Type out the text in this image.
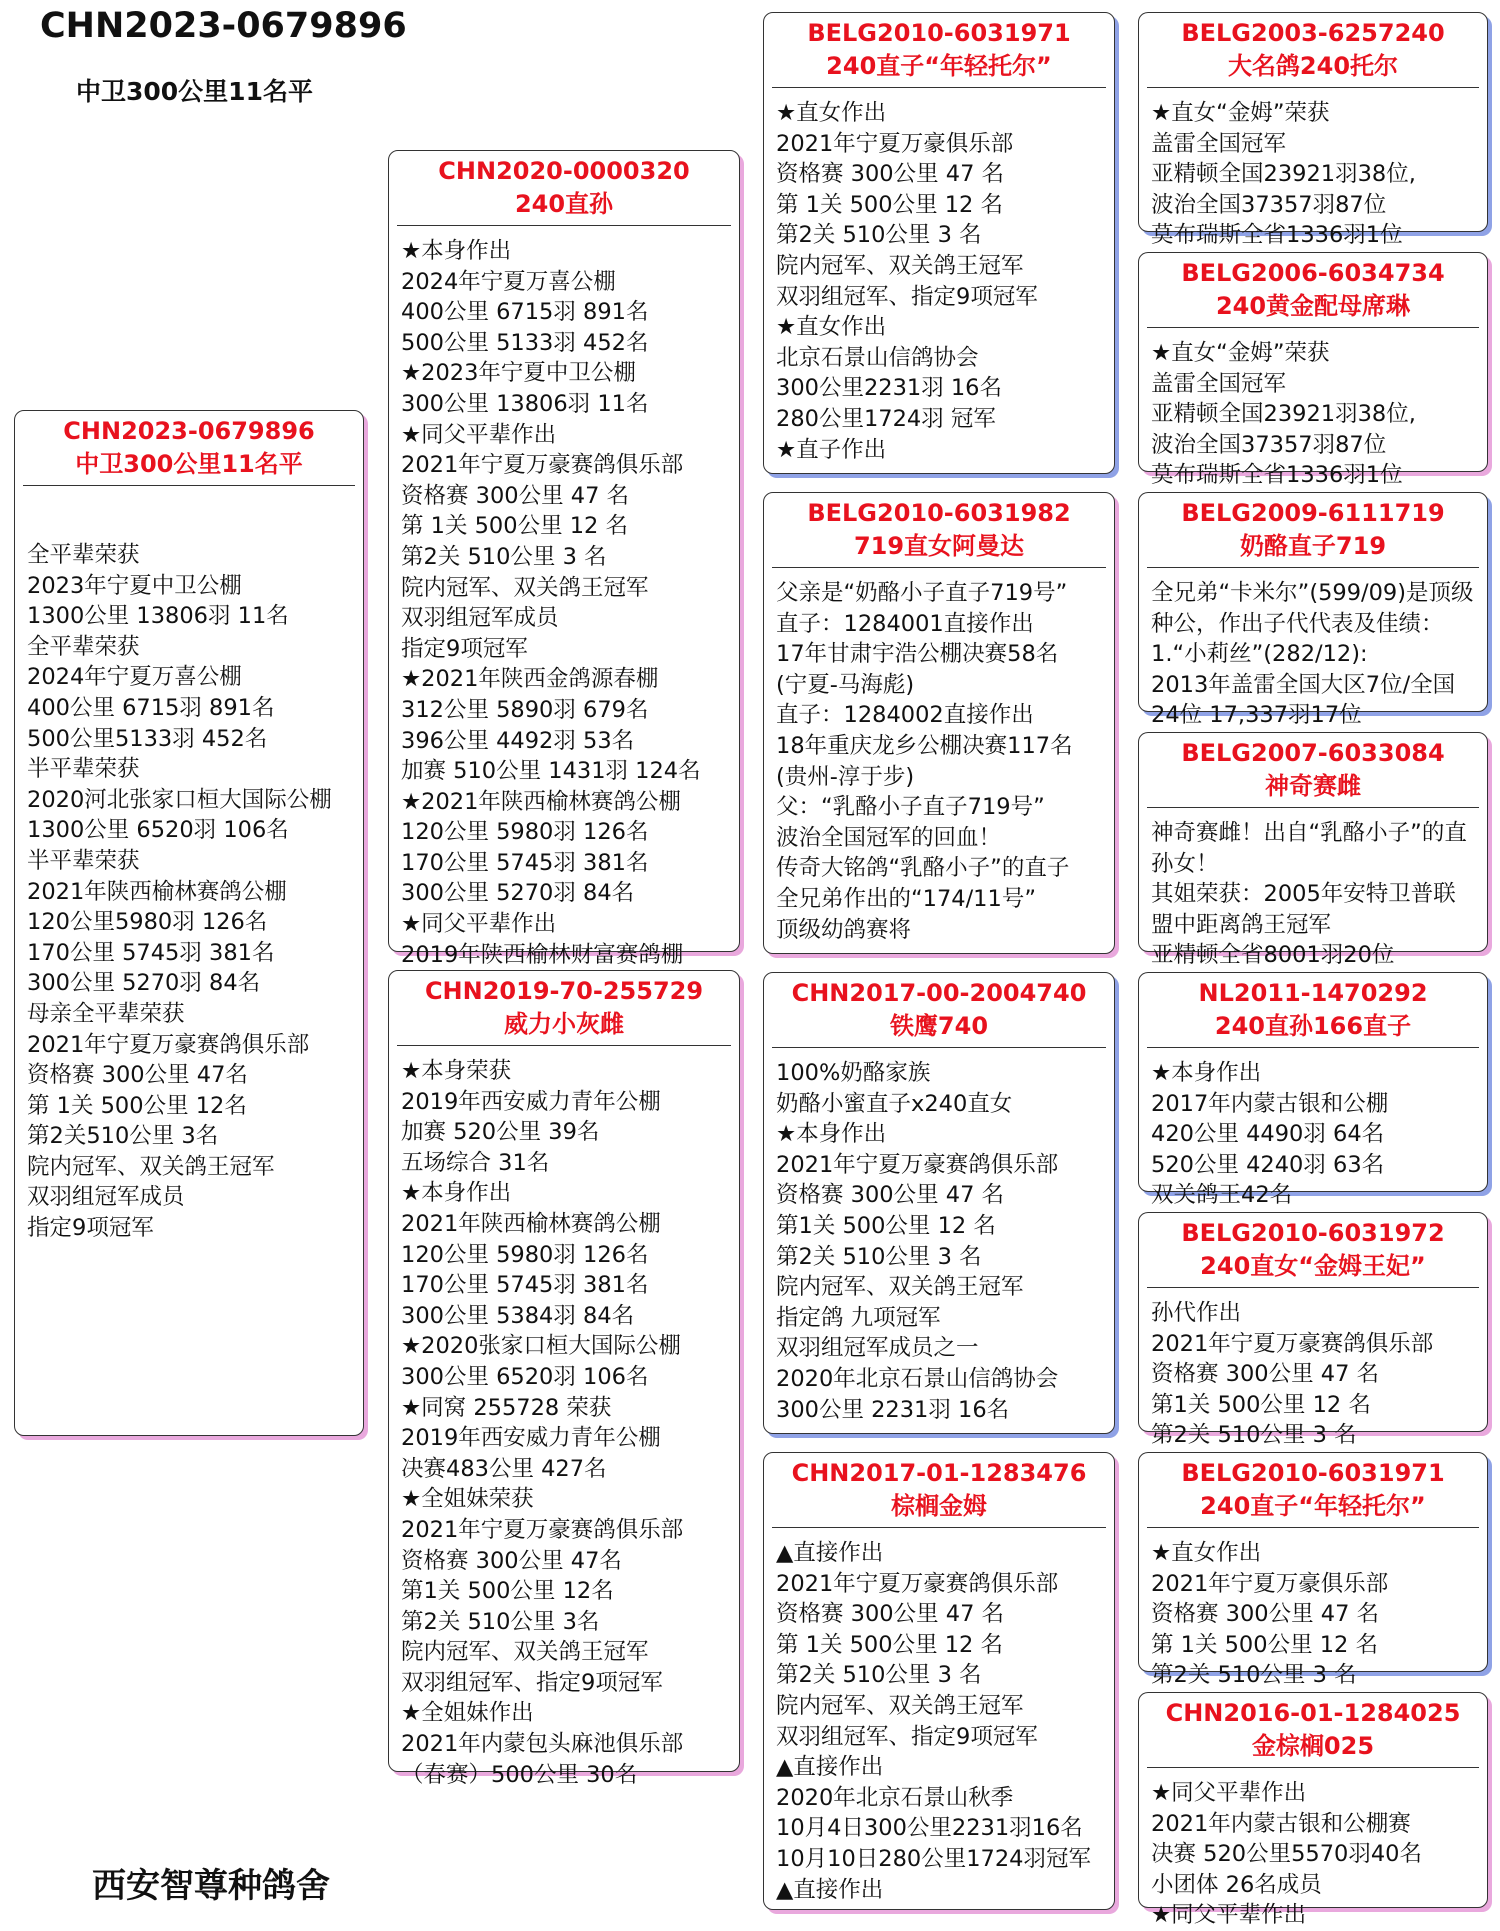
CHN2023-0679896
中卫300公里11名平
CHN2023-0679896
中卫300公里11名平
全平辈荣获
2023年宁夏中卫公棚
1300公里 13806羽 11名
全平辈荣获
2024年宁夏万喜公棚
400公里 6715羽 891名
500公里5133羽 452名
半平辈荣获
2020河北张家口桓大国际公棚
1300公里 6520羽 106名
半平辈荣获
2021年陕西榆林赛鸽公棚
120公里5980羽 126名
170公里 5745羽 381名
300公里 5270羽 84名
母亲全平辈荣获
2021年宁夏万豪赛鸽俱乐部
资格赛 300公里 47名
第 1关 500公里 12名
第2关510公里 3名
院内冠军、双关鸽王冠军
双羽组冠军成员
指定9项冠军
CHN2020-0000320
240直孙
★本身作出
2024年宁夏万喜公棚
400公里 6715羽 891名
500公里 5133羽 452名
★2023年宁夏中卫公棚
300公里 13806羽 11名
★同父平辈作出
2021年宁夏万豪赛鸽俱乐部
资格赛 300公里 47 名
第 1关 500公里 12 名
第2关 510公里 3 名
院内冠军、双关鸽王冠军
双羽组冠军成员
指定9项冠军
★2021年陕西金鸽源春棚
312公里 5890羽 679名
396公里 4492羽 53名
加赛 510公里 1431羽 124名
★2021年陕西榆林赛鸽公棚
120公里 5980羽 126名
170公里 5745羽 381名
300公里 5270羽 84名
★同父平辈作出
2019年陕西榆林财富赛鸽棚
CHN2019-70-255729
威力小灰雌
★本身荣获
2019年西安威力青年公棚
加赛 520公里 39名
五场综合 31名
★本身作出
2021年陕西榆林赛鸽公棚
120公里 5980羽 126名
170公里 5745羽 381名
300公里 5384羽 84名
★2020张家口桓大国际公棚
300公里 6520羽 106名
★同窝 255728 荣获
2019年西安威力青年公棚
决赛483公里 427名
★全姐妹荣获
2021年宁夏万豪赛鸽俱乐部
资格赛 300公里 47名
第1关 500公里 12名
第2关 510公里 3名
院内冠军、双关鸽王冠军
双羽组冠军、指定9项冠军
★全姐妹作出
2021年内蒙包头麻池俱乐部
（春赛）500公里 30名
BELG2010-6031971
240直子“年轻托尔”
★直女作出
2021年宁夏万豪俱乐部
资格赛 300公里 47 名
第 1关 500公里 12 名
第2关 510公里 3 名
院内冠军、双关鸽王冠军
双羽组冠军、指定9项冠军
★直女作出
北京石景山信鸽协会
300公里2231羽 16名
280公里1724羽 冠军
★直子作出
BELG2010-6031982
719直女阿曼达
父亲是“奶酪小子直子719号”
直子：1284001直接作出
17年甘肃宇浩公棚决赛58名
(宁夏-马海彪)
直子：1284002直接作出
18年重庆龙乡公棚决赛117名
(贵州-淳于步)
父：“乳酪小子直子719号”
波治全国冠军的回血！
传奇大铭鸽“乳酪小子”的直子
全兄弟作出的“174/11号”
顶级幼鸽赛将
CHN2017-00-2004740
铁鹰740
100%奶酪家族
奶酪小蜜直子x240直女
★本身作出
2021年宁夏万豪赛鸽俱乐部
资格赛 300公里 47 名
第1关 500公里 12 名
第2关 510公里 3 名
院内冠军、双关鸽王冠军
指定鸽 九项冠军
双羽组冠军成员之一
2020年北京石景山信鸽协会
300公里 2231羽 16名
CHN2017-01-1283476
棕榈金姆
▲直接作出
2021年宁夏万豪赛鸽俱乐部
资格赛 300公里 47 名
第 1关 500公里 12 名
第2关 510公里 3 名
院内冠军、双关鸽王冠军
双羽组冠军、指定9项冠军
▲直接作出
2020年北京石景山秋季
10月4日300公里2231羽16名
10月10日280公里1724羽冠军
▲直接作出
BELG2003-6257240
大名鸽240托尔
★直女“金姆”荣获
盖雷全国冠军
亚精顿全国23921羽38位,
波治全国37357羽87位
莫布瑞斯全省1336羽1位
BELG2006-6034734
240黄金配母席琳
★直女“金姆”荣获
盖雷全国冠军
亚精顿全国23921羽38位,
波治全国37357羽87位
莫布瑞斯全省1336羽1位
BELG2009-6111719
奶酪直子719
全兄弟“卡米尔”(599/09)是顶级
种公，作出子代代表及佳绩：
1.“小莉丝”(282/12):
2013年盖雷全国大区7位/全国
24位 17,337羽17位
BELG2007-6033084
神奇赛雌
神奇赛雌！出自“乳酪小子”的直
孙女！
其姐荣获：2005年安特卫普联
盟中距离鸽王冠军
亚精顿全省8001羽20位
NL2011-1470292
240直孙166直子
★本身作出
2017年内蒙古银和公棚
420公里 4490羽 64名
520公里 4240羽 63名
双关鸽王42名
BELG2010-6031972
240直女“金姆王妃”
孙代作出
2021年宁夏万豪赛鸽俱乐部
资格赛 300公里 47 名
第1关 500公里 12 名
第2关 510公里 3 名
BELG2010-6031971
240直子“年轻托尔”
★直女作出
2021年宁夏万豪俱乐部
资格赛 300公里 47 名
第 1关 500公里 12 名
第2关 510公里 3 名
CHN2016-01-1284025
金棕榈025
★同父平辈作出
2021年内蒙古银和公棚赛
决赛 520公里5570羽40名
小团体 26名成员
★同父平辈作出
西安智尊种鸽舍
